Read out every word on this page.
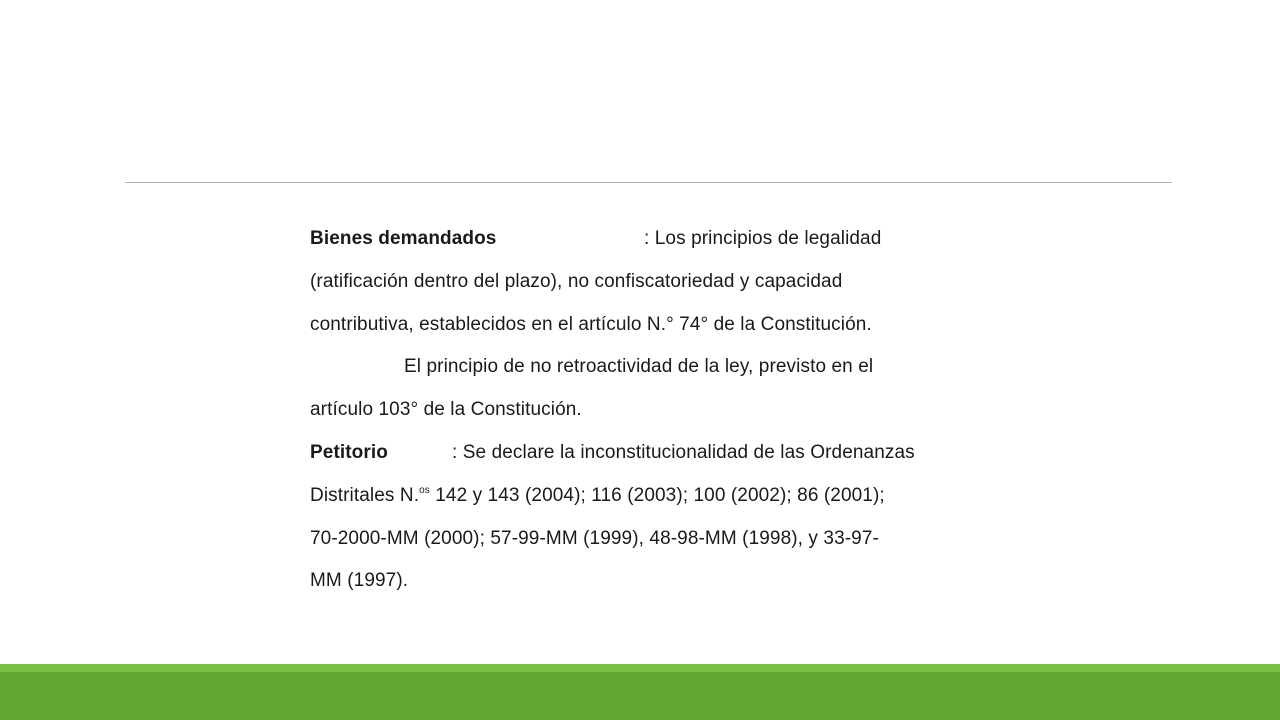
Bienes demandados	: Los principios de legalidad
(ratificación dentro del plazo), no confiscatoriedad y capacidad
contributiva, establecidos en el artículo N.° 74° de la Constitución.
El principio de no retroactividad de la ley, previsto en el
artículo 103° de la Constitución.
Petitorio	: Se declare la inconstitucionalidad de las Ordenanzas
Distritales N.$^{os}$ 142 y 143 (2004); 116 (2003); 100 (2002); 86 (2001);
70-2000-MM (2000); 57-99-MM (1999), 48-98-MM (1998), y 33-97-
MM (1997).
